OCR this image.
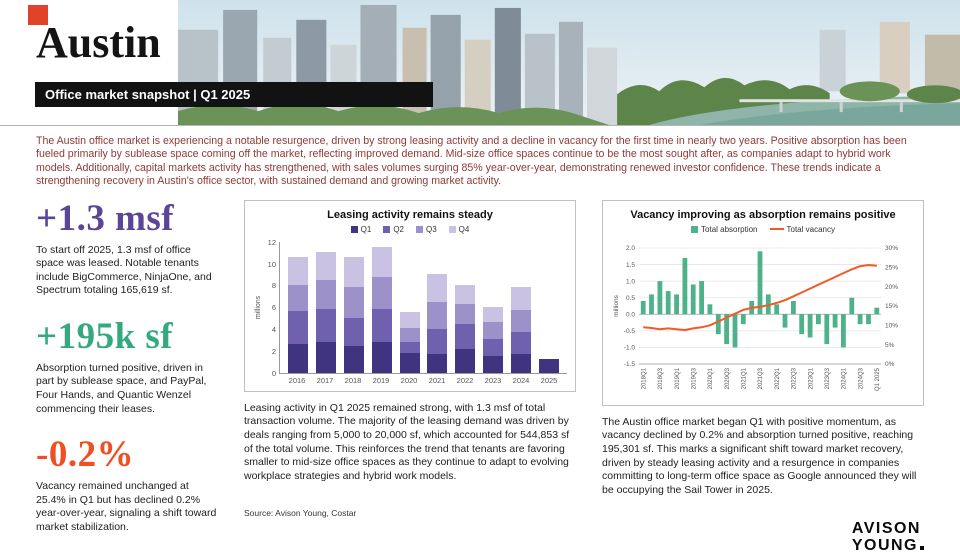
Austin
Office market snapshot | Q1 2025

The Austin office market is experiencing a notable resurgence, driven by strong leasing activity and a decline in vacancy for the first time in nearly two years. Positive absorption has been fueled primarily by sublease space coming off the market, reflecting improved demand. Mid-size office spaces continue to be the most sought after, as companies adapt to hybrid work models. Additionally, capital markets activity has strengthened, with sales volumes surging 85% year-over-year, demonstrating renewed investor confidence. These trends indicate a strengthening recovery in Austin's office sector, with sustained demand and growing market activity.

+1.3 msf
To start off 2025, 1.3 msf of office space was leased. Notable tenants include BigCommerce, NinjaOne, and Spectrum totaling 165,619 sf.
+195k sf
Absorption turned positive, driven in part by sublease space, and PayPal, Four Hands, and Quantic Wenzel commencing their leases.
-0.2%
Vacancy remained unchanged at 25.4% in Q1 but has declined 0.2% year-over-year, signaling a shift toward market stabilization.
Leasing activity remains steady
Q1	Q2	Q3	Q4
millions
12
10
8
6
4
2
0
2016 2017 2018 2019 2020 2021 2022 2023 2024 2025

Leasing activity in Q1 2025 remained strong, with 1.3 msf of total transaction volume. The majority of the leasing demand was driven by deals ranging from 5,000 to 20,000 sf, which accounted for 544,853 sf of the total volume. This reinforces the trend that tenants are favoring smaller to mid-size office spaces as they continue to adapt to evolving workplace strategies and hybrid work models.

Source: Avison Young, Costar

Vacancy improving as absorption remains positive
Total absorption	Total vacancy
2.0
1.5
1.0
0.5
0.0
-0.5
-1.0
-1.5	0%
5%
10%
15%
20%
25%
30%
2018Q1 2018Q3 2019Q1 2019Q3 2020Q1 2020Q3 2021Q1 2021Q3 2022Q1 2022Q3 2023Q1 2023Q3 2024Q1 2024Q3 Q1 2025
millions

The Austin office market began Q1 with positive momentum, as vacancy declined by 0.2% and absorption turned positive, reaching 195,301 sf. This marks a significant shift toward market recovery, driven by steady leasing activity and a resurgence in companies committing to long-term office space as Google announced they will be occupying the Sail Tower in 2025.

AVISON
YOUNG
